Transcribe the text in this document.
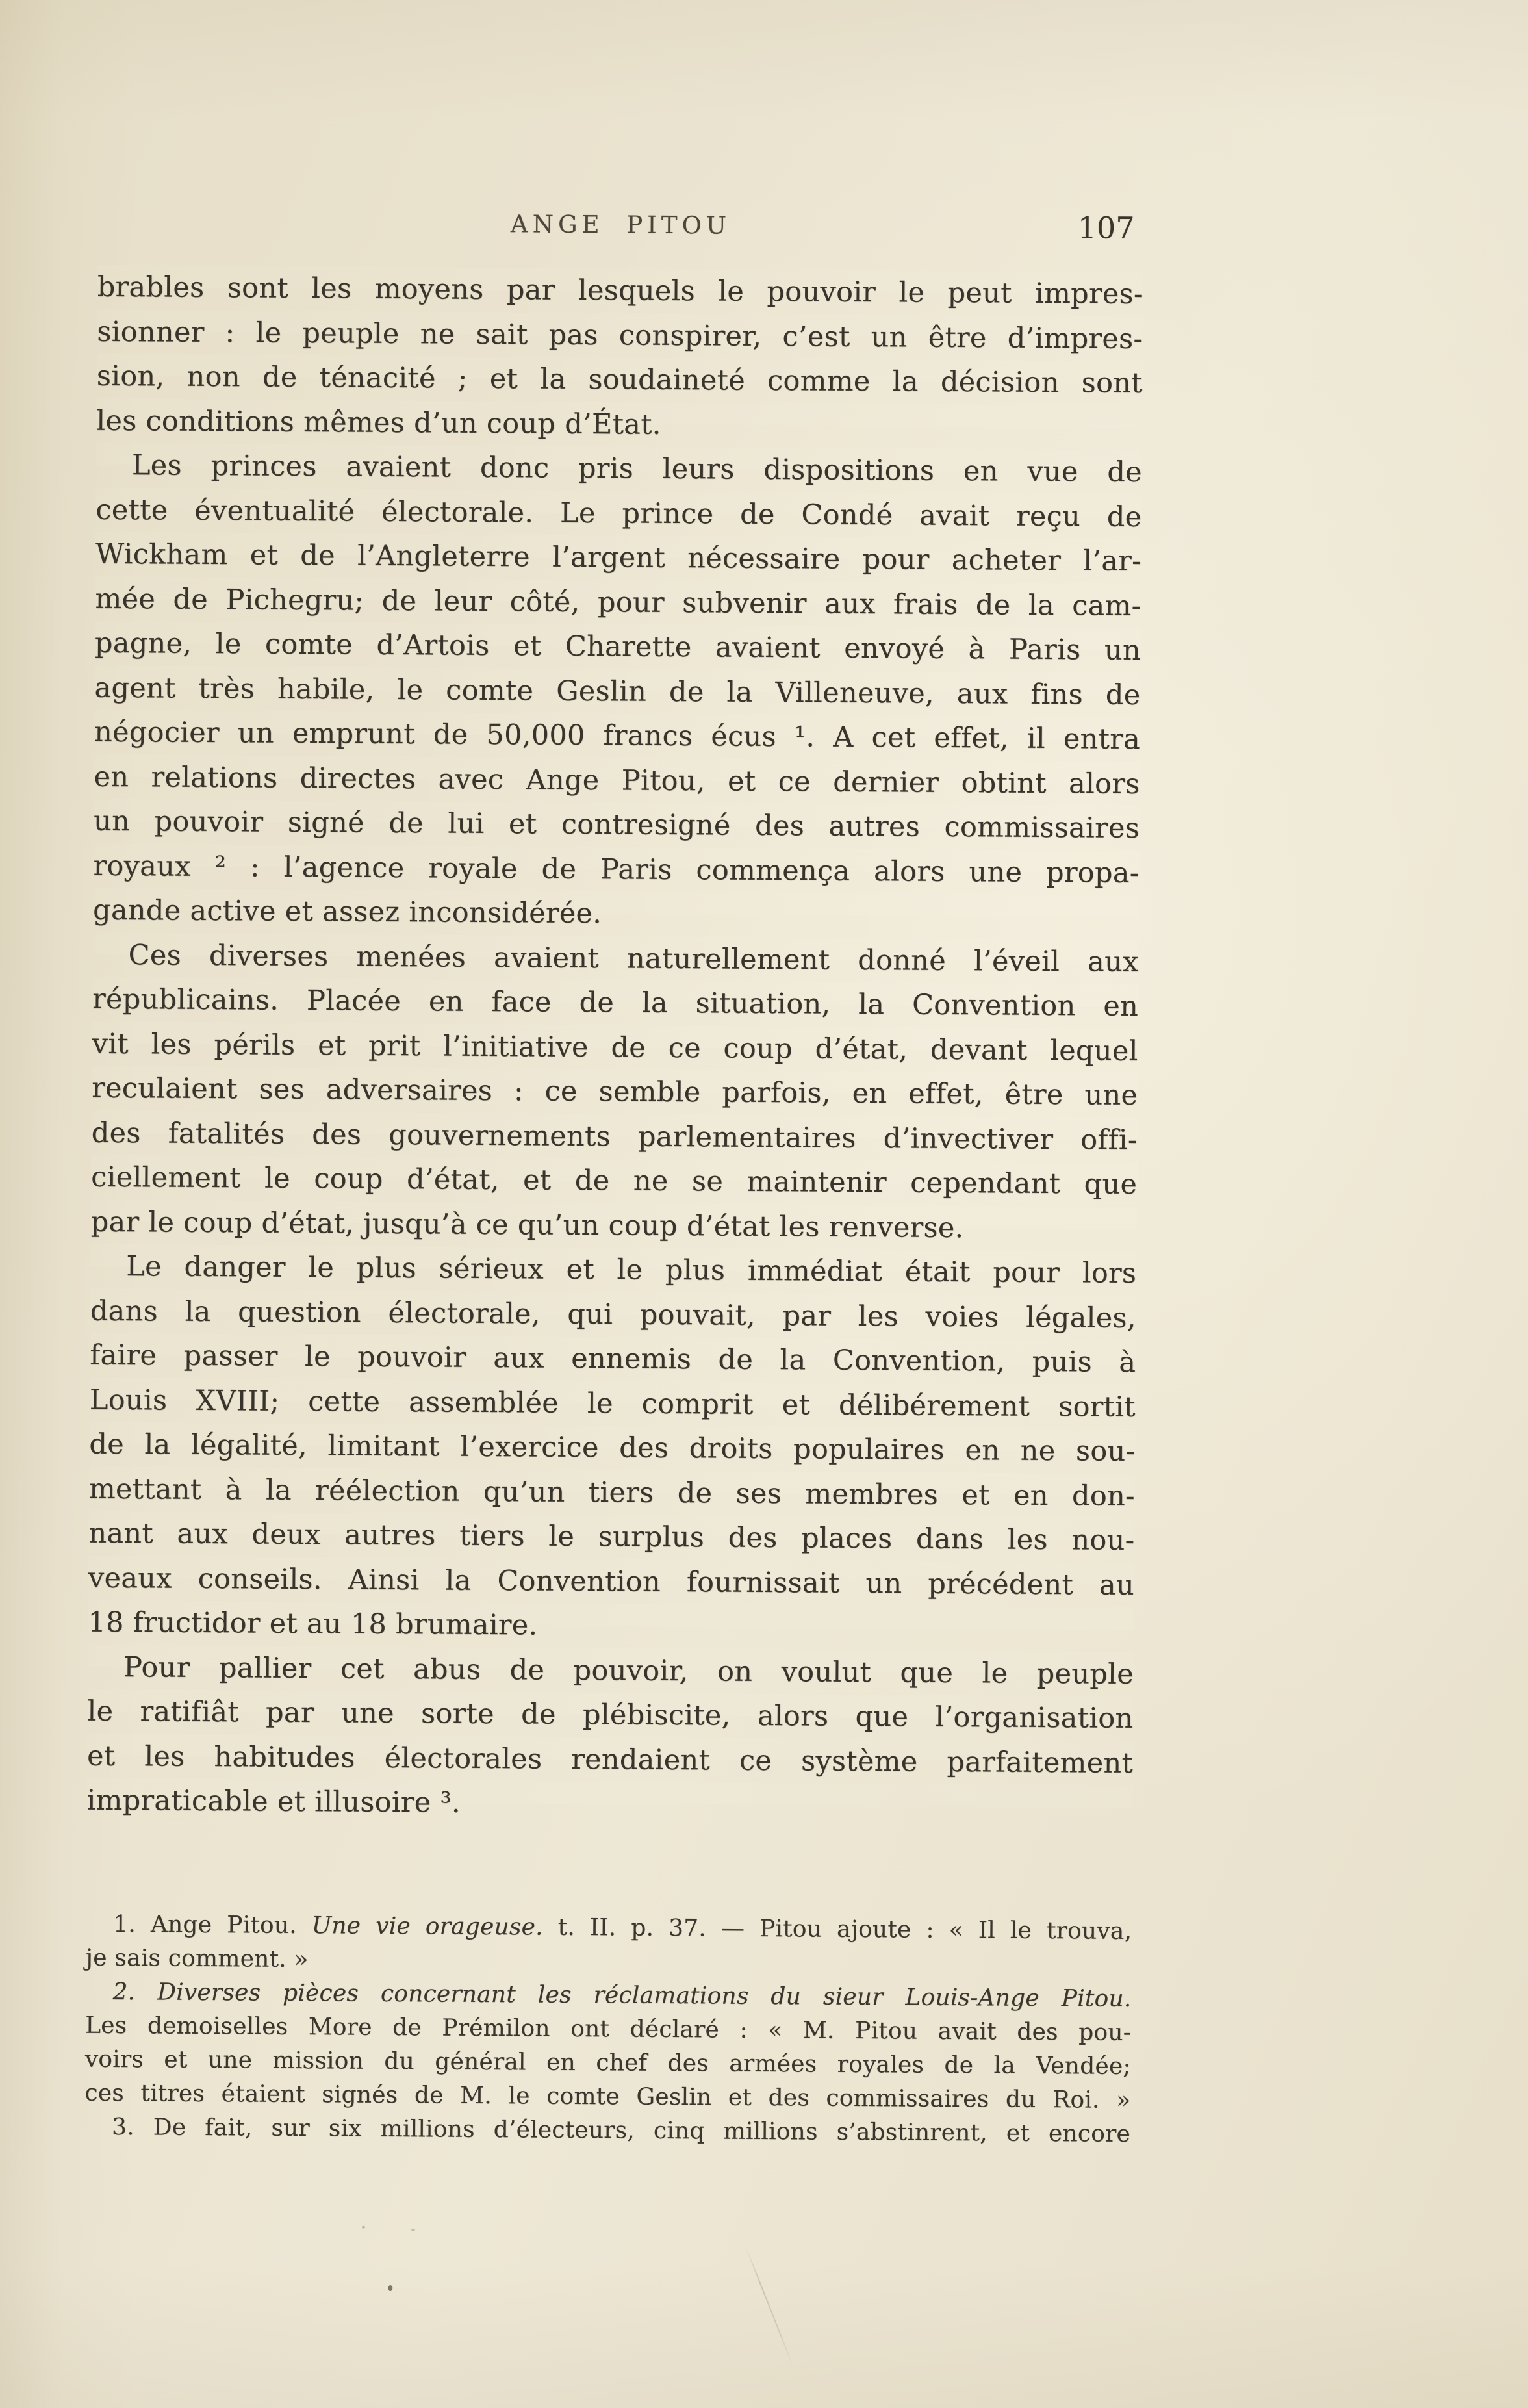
ANGE PITOU	107
brables sont les moyens par lesquels le pouvoir le peut impres-
sionner : le peuple ne sait pas conspirer, c’est un être d’impres-
sion, non de ténacité ; et la soudaineté comme la décision sont
les conditions mêmes d’un coup d’État.
Les princes avaient donc pris leurs dispositions en vue de
cette éventualité électorale. Le prince de Condé avait reçu de
Wickham et de l’Angleterre l’argent nécessaire pour acheter l’ar-
mée de Pichegru; de leur côté, pour subvenir aux frais de la cam-
pagne, le comte d’Artois et Charette avaient envoyé à Paris un
agent très habile, le comte Geslin de la Villeneuve, aux fins de
négocier un emprunt de 50,000 francs écus ¹. A cet effet, il entra
en relations directes avec Ange Pitou, et ce dernier obtint alors
un pouvoir signé de lui et contresigné des autres commissaires
royaux ² : l’agence royale de Paris commença alors une propa-
gande active et assez inconsidérée.
Ces diverses menées avaient naturellement donné l’éveil aux
républicains. Placée en face de la situation, la Convention en
vit les périls et prit l’initiative de ce coup d’état, devant lequel
reculaient ses adversaires : ce semble parfois, en effet, être une
des fatalités des gouvernements parlementaires d’invectiver offi-
ciellement le coup d’état, et de ne se maintenir cependant que
par le coup d’état, jusqu’à ce qu’un coup d’état les renverse.
Le danger le plus sérieux et le plus immédiat était pour lors
dans la question électorale, qui pouvait, par les voies légales,
faire passer le pouvoir aux ennemis de la Convention, puis à
Louis XVIII; cette assemblée le comprit et délibérement sortit
de la légalité, limitant l’exercice des droits populaires en ne sou-
mettant à la réélection qu’un tiers de ses membres et en don-
nant aux deux autres tiers le surplus des places dans les nou-
veaux conseils. Ainsi la Convention fournissait un précédent au
18 fructidor et au 18 brumaire.
Pour pallier cet abus de pouvoir, on voulut que le peuple
le ratifiât par une sorte de plébiscite, alors que l’organisation
et les habitudes électorales rendaient ce système parfaitement
impraticable et illusoire ³.
1. Ange Pitou. Une vie orageuse. t. II. p. 37. — Pitou ajoute : « Il le trouva,
je sais comment. »
2. Diverses pièces concernant les réclamations du sieur Louis-Ange Pitou.
Les demoiselles More de Prémilon ont déclaré : « M. Pitou avait des pou-
voirs et une mission du général en chef des armées royales de la Vendée;
ces titres étaient signés de M. le comte Geslin et des commissaires du Roi. »
3. De fait, sur six millions d’électeurs, cinq millions s’abstinrent, et encore
